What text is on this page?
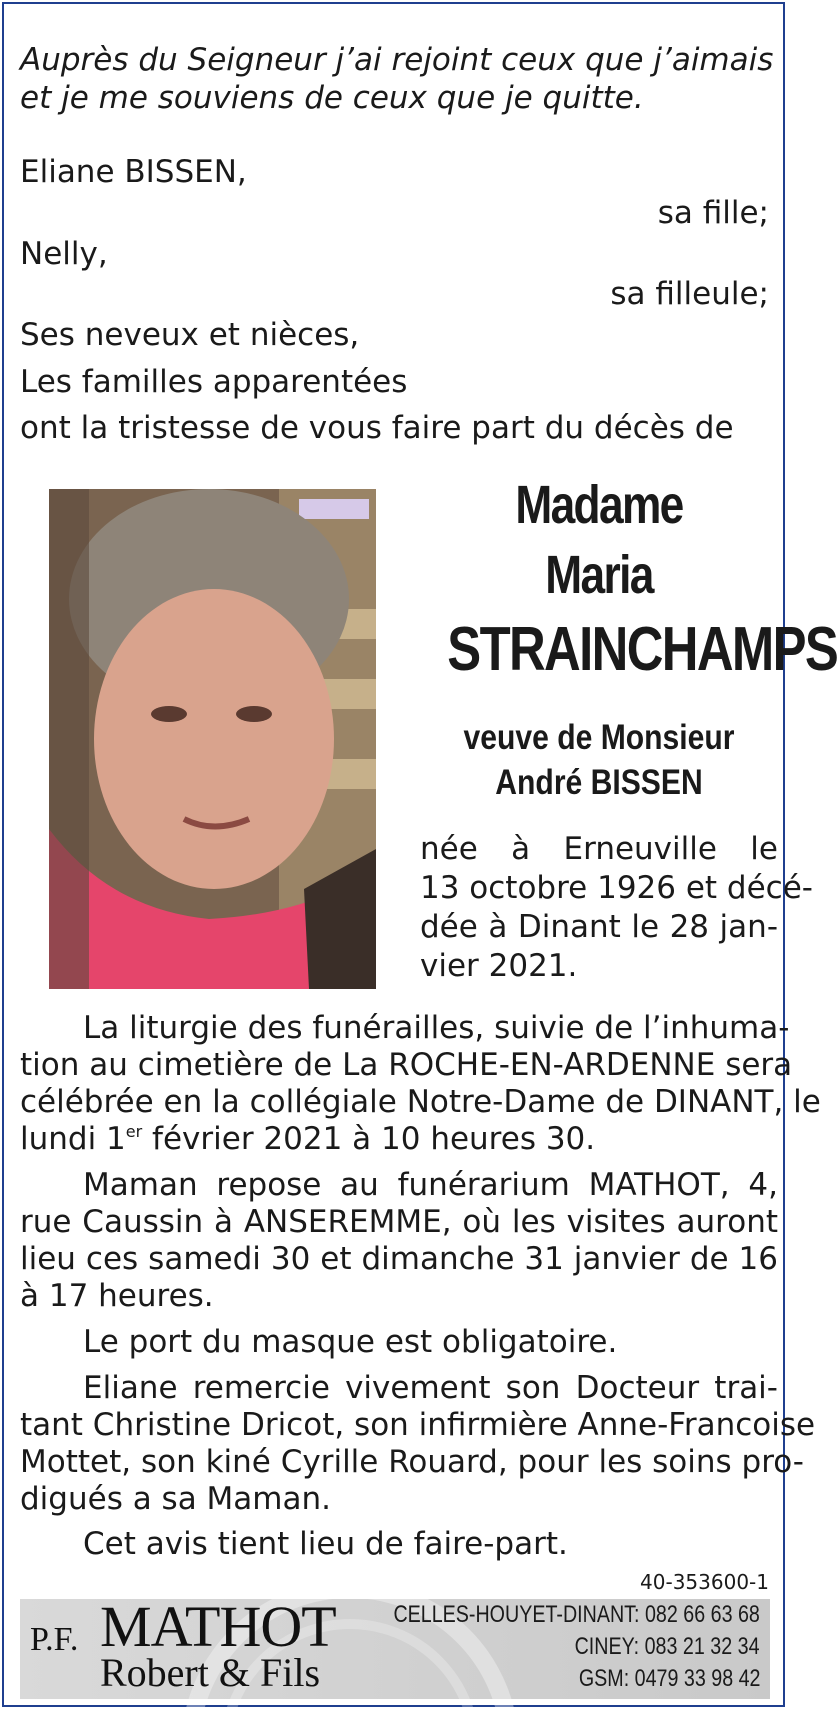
Auprès du Seigneur j’ai rejoint ceux que j’aimais
et je me souviens de ceux que je quitte.
Eliane BISSEN,
sa fille;
Nelly,
sa filleule;
Ses neveux et nièces,
Les familles apparentées
ont la tristesse de vous faire part du décès de
Madame
Maria
STRAINCHAMPS
veuve de Monsieur
André BISSEN
née à Erneuville le
13 octobre 1926 et décé-
dée à Dinant le 28 jan-
vier 2021.
La liturgie des funérailles, suivie de l’inhuma-
tion au cimetière de La ROCHE-EN-ARDENNE sera
célébrée en la collégiale Notre-Dame de DINANT, le
lundi 1er février 2021 à 10 heures 30.
Maman repose au funérarium MATHOT, 4,
rue Caussin à ANSEREMME, où les visites auront
lieu ces samedi 30 et dimanche 31 janvier de 16
à 17 heures.
Le port du masque est obligatoire.
Eliane remercie vivement son Docteur trai-
tant Christine Dricot, son infirmière Anne-Francoise
Mottet, son kiné Cyrille Rouard, pour les soins pro-
digués a sa Maman.
Cet avis tient lieu de faire-part.
40-353600-1
P.F. MATHOT
Robert & Fils
CELLES-HOUYET-DINANT: 082 66 63 68
CINEY: 083 21 32 34
GSM: 0479 33 98 42
